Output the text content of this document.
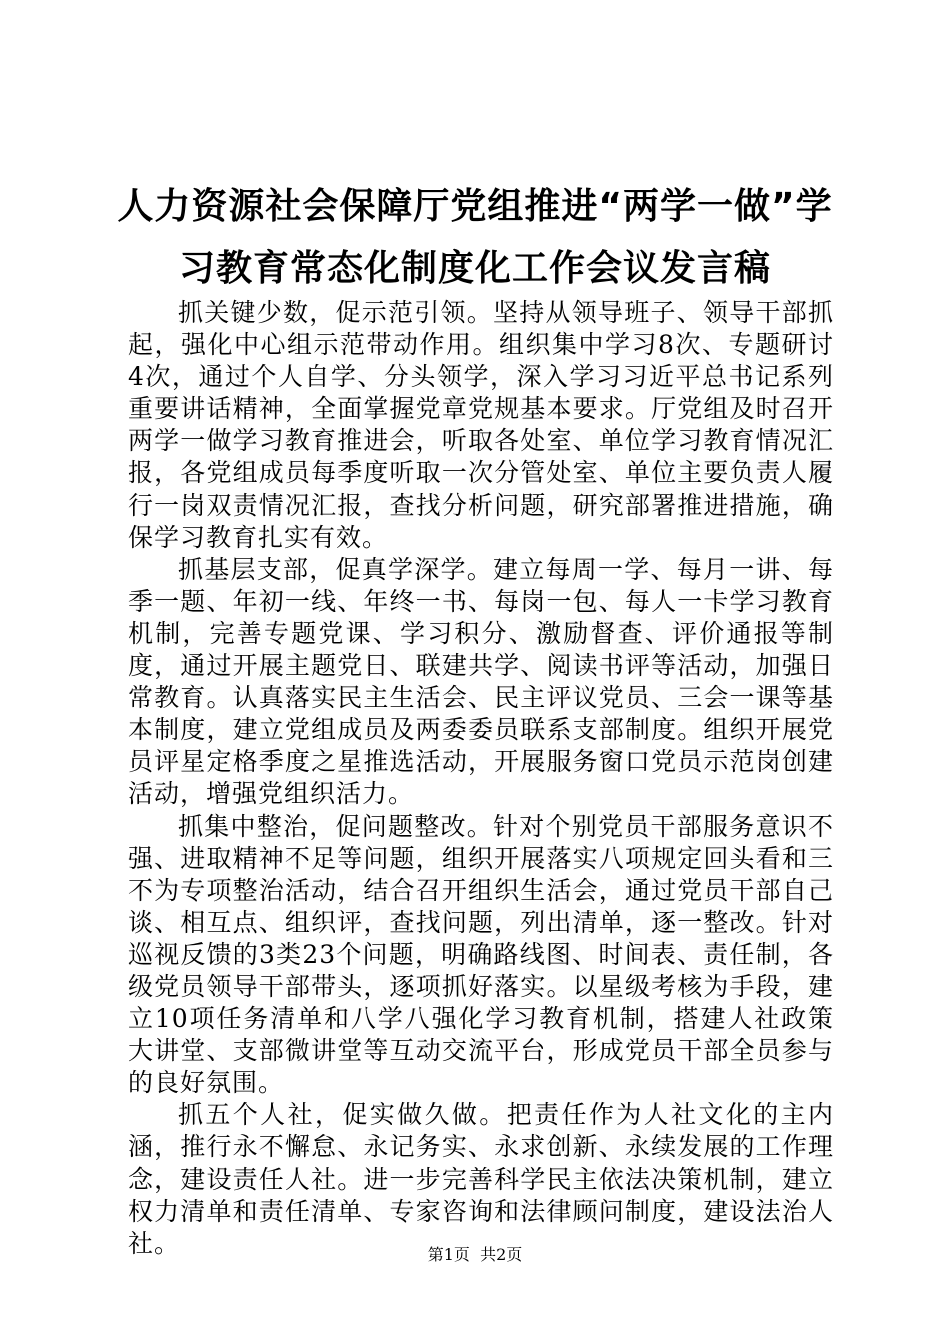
人力资源社会保障厅党组推进“两学一做”学
习教育常态化制度化工作会议发言稿

抓关键少数，促示范引领。坚持从领导班子、领导干部抓起，强化中心组示范带动作用。组织集中学习8次、专题研讨4次，通过个人自学、分头领学，深入学习习近平总书记系列重要讲话精神，全面掌握党章党规基本要求。厅党组及时召开两学一做学习教育推进会，听取各处室、单位学习教育情况汇报，各党组成员每季度听取一次分管处室、单位主要负责人履行一岗双责情况汇报，查找分析问题，研究部署推进措施，确保学习教育扎实有效。

抓基层支部，促真学深学。建立每周一学、每月一讲、每季一题、年初一线、年终一书、每岗一包、每人一卡学习教育机制，完善专题党课、学习积分、激励督查、评价通报等制度，通过开展主题党日、联建共学、阅读书评等活动，加强日常教育。认真落实民主生活会、民主评议党员、三会一课等基本制度，建立党组成员及两委委员联系支部制度。组织开展党员评星定格季度之星推选活动，开展服务窗口党员示范岗创建活动，增强党组织活力。

抓集中整治，促问题整改。针对个别党员干部服务意识不强、进取精神不足等问题，组织开展落实八项规定回头看和三不为专项整治活动，结合召开组织生活会，通过党员干部自己谈、相互点、组织评，查找问题，列出清单，逐一整改。针对巡视反馈的3类23个问题，明确路线图、时间表、责任制，各级党员领导干部带头，逐项抓好落实。以星级考核为手段，建立10项任务清单和八学八强化学习教育机制，搭建人社政策大讲堂、支部微讲堂等互动交流平台，形成党员干部全员参与的良好氛围。

抓五个人社，促实做久做。把责任作为人社文化的主内涵，推行永不懈怠、永记务实、永求创新、永续发展的工作理念，建设责任人社。进一步完善科学民主依法决策机制，建立权力清单和责任清单、专家咨询和法律顾问制度，建设法治人社。	第1页  共2页
